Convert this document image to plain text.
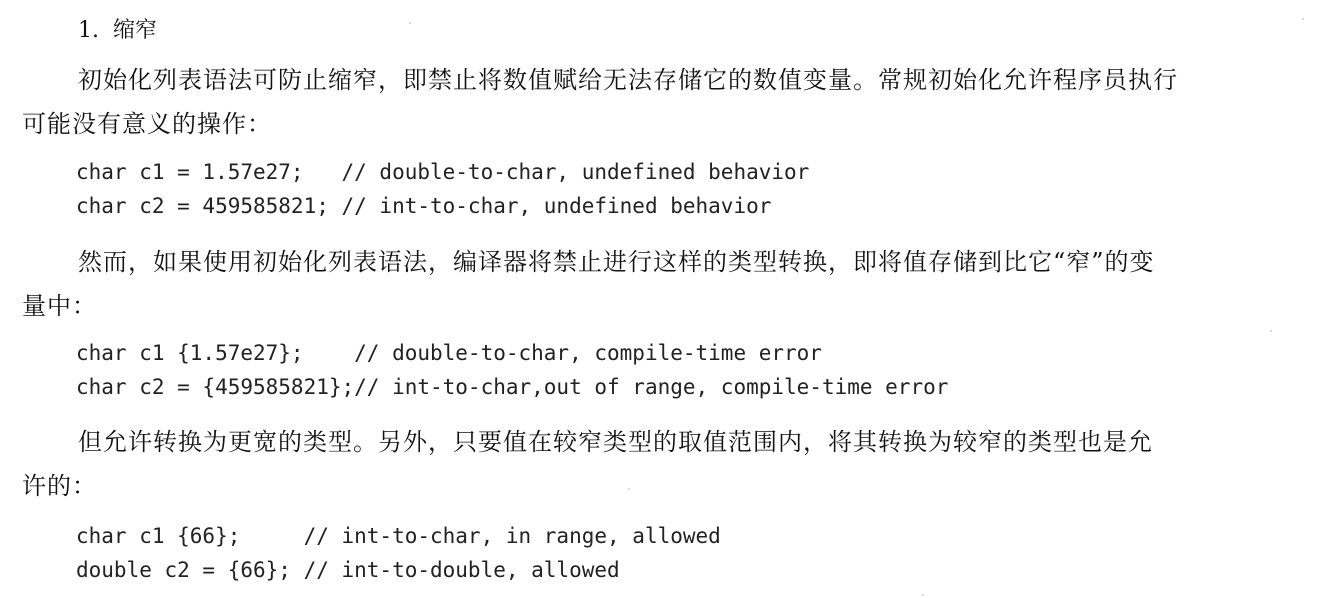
1. 缩窄
初始化列表语法可防止缩窄，即禁止将数值赋给无法存储它的数值变量。常规初始化允许程序员执行
可能没有意义的操作：
char c1 = 1.57e27;   // double-to-char, undefined behavior
char c2 = 459585821; // int-to-char, undefined behavior
然而，如果使用初始化列表语法，编译器将禁止进行这样的类型转换，即将值存储到比它“窄”的变
量中：
char c1 {1.57e27};    // double-to-char, compile-time error
char c2 = {459585821};// int-to-char,out of range, compile-time error
但允许转换为更宽的类型。另外，只要值在较窄类型的取值范围内，将其转换为较窄的类型也是允
许的：
char c1 {66};     // int-to-char, in range, allowed
double c2 = {66}; // int-to-double, allowed
